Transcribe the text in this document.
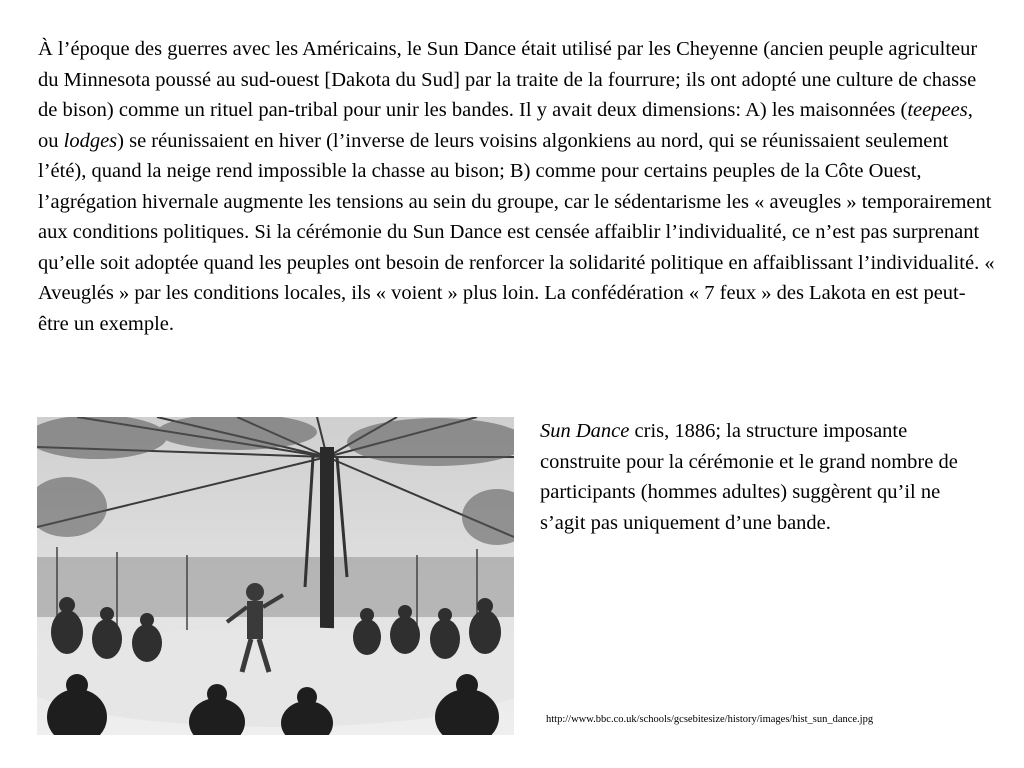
À l’époque des guerres avec les Américains, le Sun Dance était utilisé par les Cheyenne (ancien peuple agriculteur du Minnesota poussé au sud-ouest [Dakota du Sud] par la traite de la fourrure; ils ont adopté une culture de chasse de bison) comme un rituel pan-tribal pour unir les bandes. Il y avait deux dimensions: A) les maisonnées (teepees, ou lodges) se réunissaient en hiver (l’inverse de leurs voisins algonkiens au nord, qui se réunissaient seulement l’été), quand la neige rend impossible la chasse au bison; B) comme pour certains peuples de la Côte Ouest, l’agrégation hivernale augmente les tensions au sein du groupe, car le sédentarisme les « aveugles » temporairement aux conditions politiques. Si la cérémonie du Sun Dance est censée affaiblir l’individualité, ce n’est pas surprenant qu’elle soit adoptée quand les peuples ont besoin de renforcer la solidarité politique en affaiblissant l’individualité. « Aveuglés » par les conditions locales, ils « voient » plus loin. La confédération « 7 feux » des Lakota en est peut-être un exemple.

Sun Dance cris, 1886; la structure imposante construite pour la cérémonie et le grand nombre de participants (hommes adultes) suggèrent qu’il ne s’agit pas uniquement d’une bande.

http://www.bbc.co.uk/schools/gcsebitesize/history/images/hist_sun_dance.jpg
